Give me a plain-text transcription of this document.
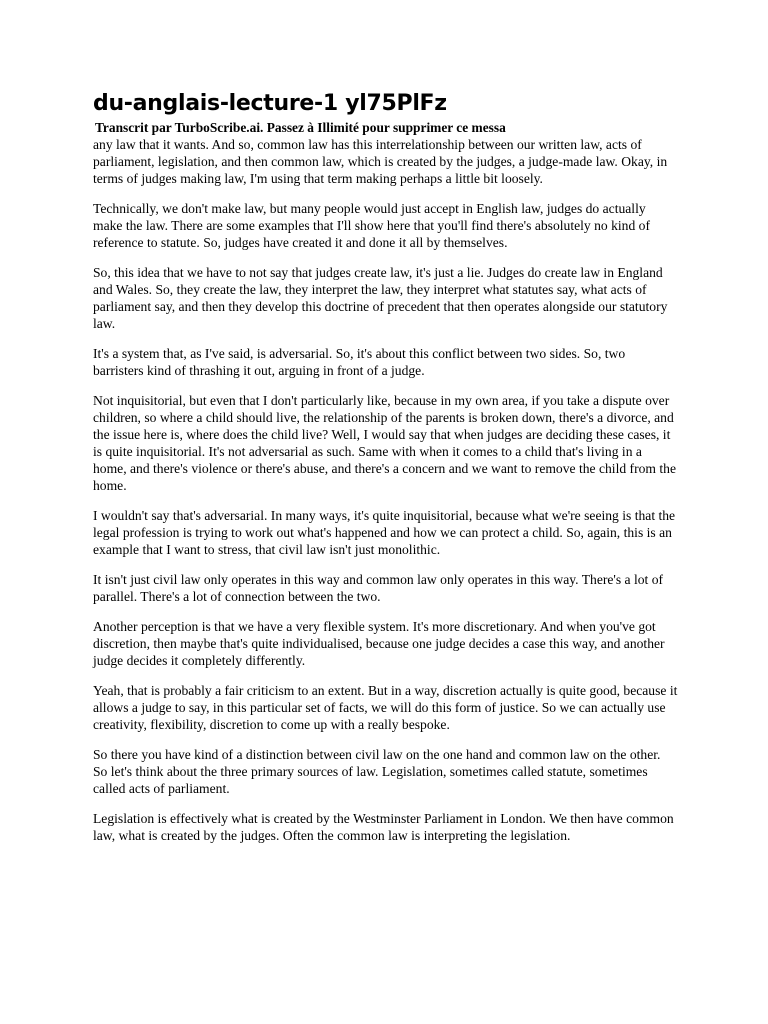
du-anglais-lecture-1 yl75PlFz
Transcrit par TurboScribe.ai. Passez à Illimité pour supprimer ce messa

any law that it wants. And so, common law has this interrelationship between our written law, acts of parliament, legislation, and then common law, which is created by the judges, a judge-made law. Okay, in terms of judges making law, I'm using that term making perhaps a little bit loosely.

Technically, we don't make law, but many people would just accept in English law, judges do actually make the law. There are some examples that I'll show here that you'll find there's absolutely no kind of reference to statute. So, judges have created it and done it all by themselves.

So, this idea that we have to not say that judges create law, it's just a lie. Judges do create law in England and Wales. So, they create the law, they interpret the law, they interpret what statutes say, what acts of parliament say, and then they develop this doctrine of precedent that then operates alongside our statutory law.

It's a system that, as I've said, is adversarial. So, it's about this conflict between two sides. So, two barristers kind of thrashing it out, arguing in front of a judge.

Not inquisitorial, but even that I don't particularly like, because in my own area, if you take a dispute over children, so where a child should live, the relationship of the parents is broken down, there's a divorce, and the issue here is, where does the child live? Well, I would say that when judges are deciding these cases, it is quite inquisitorial. It's not adversarial as such. Same with when it comes to a child that's living in a home, and there's violence or there's abuse, and there's a concern and we want to remove the child from the home.

I wouldn't say that's adversarial. In many ways, it's quite inquisitorial, because what we're seeing is that the legal profession is trying to work out what's happened and how we can protect a child. So, again, this is an example that I want to stress, that civil law isn't just monolithic.

It isn't just civil law only operates in this way and common law only operates in this way. There's a lot of parallel. There's a lot of connection between the two.

Another perception is that we have a very flexible system. It's more discretionary. And when you've got discretion, then maybe that's quite individualised, because one judge decides a case this way, and another judge decides it completely differently.

Yeah, that is probably a fair criticism to an extent. But in a way, discretion actually is quite good, because it allows a judge to say, in this particular set of facts, we will do this form of justice. So we can actually use creativity, flexibility, discretion to come up with a really bespoke.

So there you have kind of a distinction between civil law on the one hand and common law on the other. So let's think about the three primary sources of law. Legislation, sometimes called statute, sometimes called acts of parliament.

Legislation is effectively what is created by the Westminster Parliament in London. We then have common law, what is created by the judges. Often the common law is interpreting the legislation.
